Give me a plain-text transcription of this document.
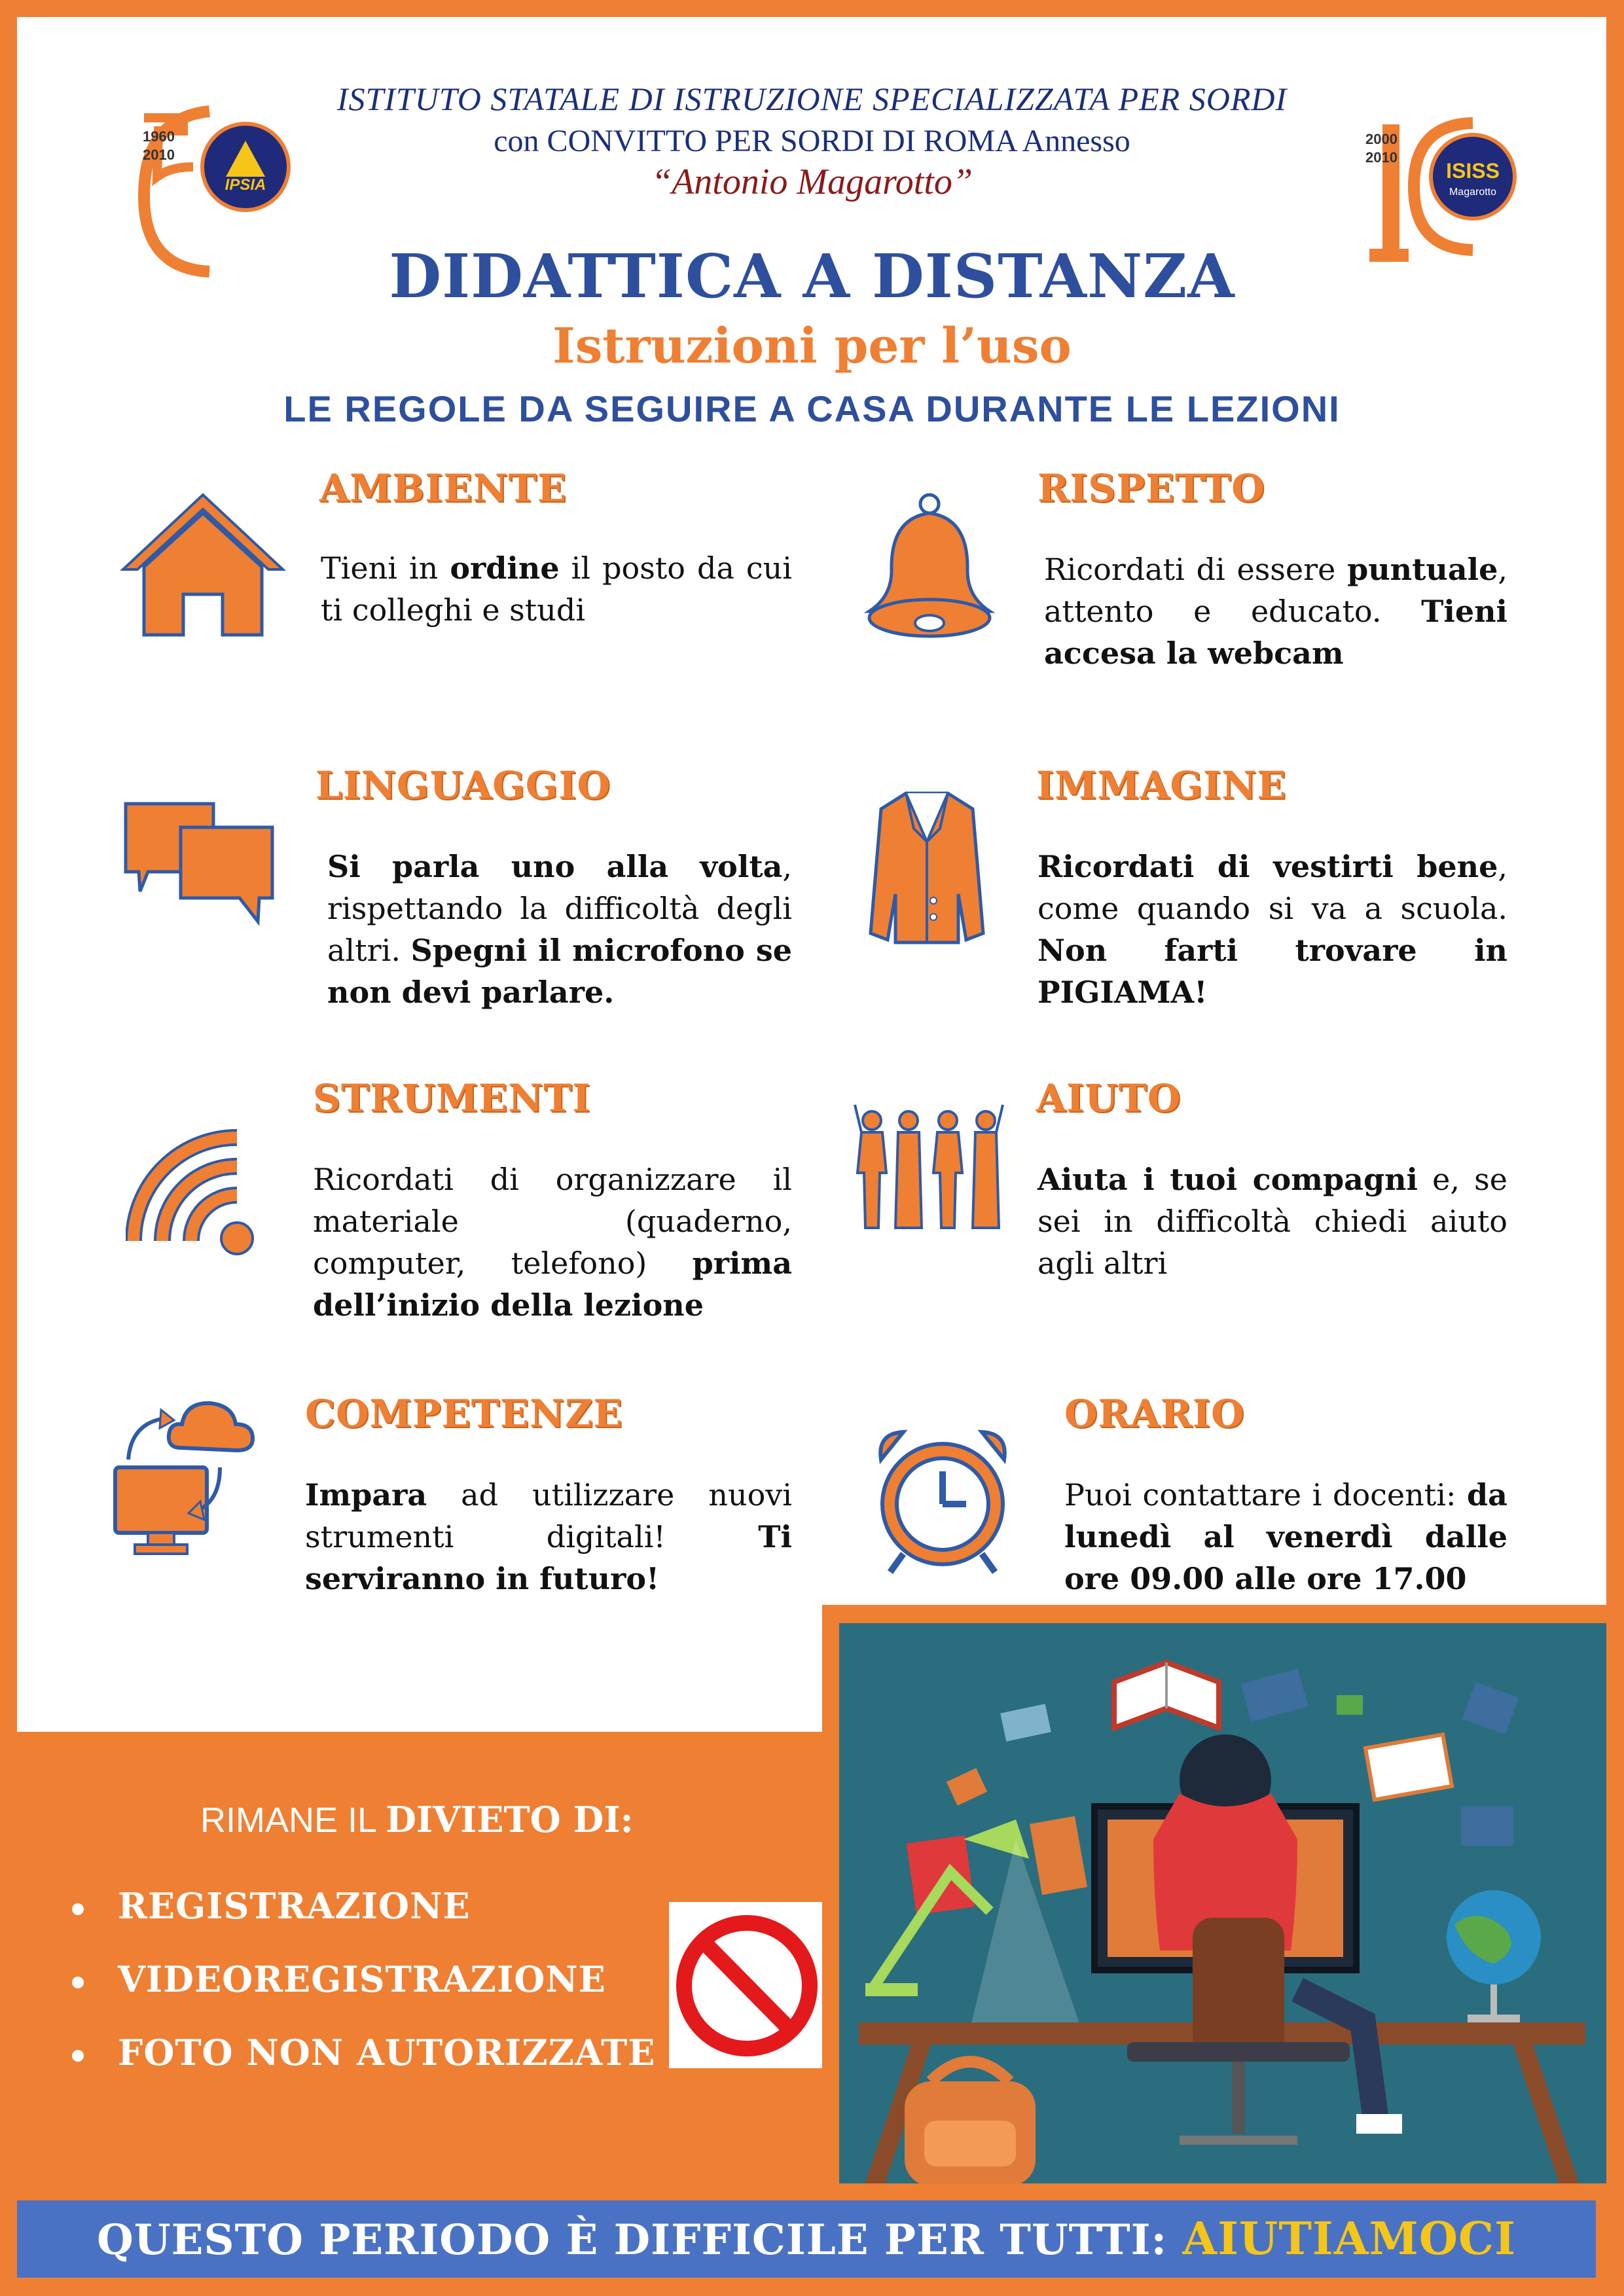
1960
2010
IPSIA
2000
2010
ISISS
Magarotto
ISTITUTO STATALE DI ISTRUZIONE SPECIALIZZATA PER SORDI
con CONVITTO PER SORDI DI ROMA Annesso
“Antonio Magarotto”
DIDATTICA A DISTANZA
Istruzioni per l’uso
LE REGOLE DA SEGUIRE A CASA DURANTE LE LEZIONI
AMBIENTE
Tieni in ordine il posto da cui ti colleghi e studi
RISPETTO
Ricordati di essere puntuale, attento e educato. Tieni accesa la webcam
LINGUAGGIO
Si parla uno alla volta, rispettando la difficoltà degli altri. Spegni il microfono se non devi parlare.
IMMAGINE
Ricordati di vestirti bene, come quando si va a scuola. Non farti trovare in PIGIAMA!
STRUMENTI
Ricordati di organizzare il materiale (quaderno, computer, telefono) prima dell’inizio della lezione
AIUTO
Aiuta i tuoi compagni e, se sei in difficoltà chiedi aiuto agli altri
COMPETENZE
Impara ad utilizzare nuovi strumenti digitali! Ti serviranno in futuro!
ORARIO
Puoi contattare i docenti: da lunedì al venerdì dalle ore 09.00 alle ore 17.00
RIMANE IL DIVIETO DI:
REGISTRAZIONE
VIDEOREGISTRAZIONE
FOTO NON AUTORIZZATE
QUESTO PERIODO È DIFFICILE PER TUTTI: AIUTIAMOCI
